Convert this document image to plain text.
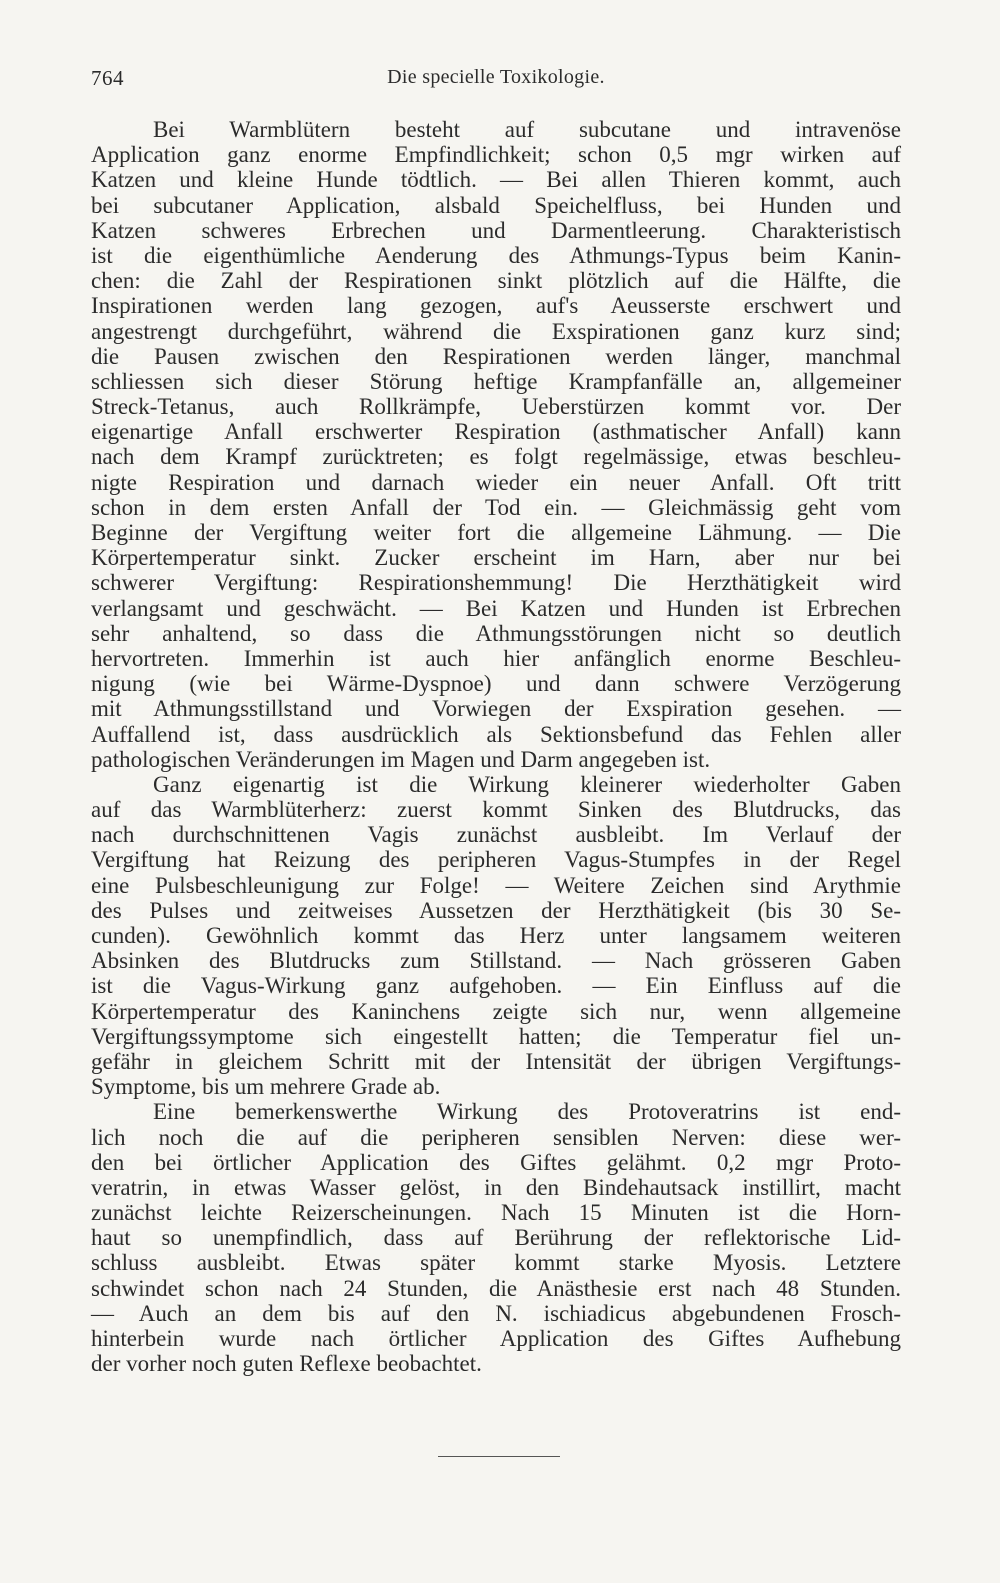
764	Die specielle Toxikologie.
Bei Warmblütern besteht auf subcutane und intravenöse
Application ganz enorme Empfindlichkeit; schon 0,5 mgr wirken auf
Katzen und kleine Hunde tödtlich. — Bei allen Thieren kommt, auch
bei subcutaner Application, alsbald Speichelfluss, bei Hunden und
Katzen schweres Erbrechen und Darmentleerung. Charakteristisch
ist die eigenthümliche Aenderung des Athmungs-Typus beim Kanin-
chen: die Zahl der Respirationen sinkt plötzlich auf die Hälfte, die
Inspirationen werden lang gezogen, auf's Aeusserste erschwert und
angestrengt durchgeführt, während die Exspirationen ganz kurz sind;
die Pausen zwischen den Respirationen werden länger, manchmal
schliessen sich dieser Störung heftige Krampfanfälle an, allgemeiner
Streck-Tetanus, auch Rollkrämpfe, Ueberstürzen kommt vor. Der
eigenartige Anfall erschwerter Respiration (asthmatischer Anfall) kann
nach dem Krampf zurücktreten; es folgt regelmässige, etwas beschleu-
nigte Respiration und darnach wieder ein neuer Anfall. Oft tritt
schon in dem ersten Anfall der Tod ein. — Gleichmässig geht vom
Beginne der Vergiftung weiter fort die allgemeine Lähmung. — Die
Körpertemperatur sinkt. Zucker erscheint im Harn, aber nur bei
schwerer Vergiftung: Respirationshemmung! Die Herzthätigkeit wird
verlangsamt und geschwächt. — Bei Katzen und Hunden ist Erbrechen
sehr anhaltend, so dass die Athmungsstörungen nicht so deutlich
hervortreten. Immerhin ist auch hier anfänglich enorme Beschleu-
nigung (wie bei Wärme-Dyspnoe) und dann schwere Verzögerung
mit Athmungsstillstand und Vorwiegen der Exspiration gesehen. —
Auffallend ist, dass ausdrücklich als Sektionsbefund das Fehlen aller
pathologischen Veränderungen im Magen und Darm angegeben ist.
Ganz eigenartig ist die Wirkung kleinerer wiederholter Gaben
auf das Warmblüterherz: zuerst kommt Sinken des Blutdrucks, das
nach durchschnittenen Vagis zunächst ausbleibt. Im Verlauf der
Vergiftung hat Reizung des peripheren Vagus-Stumpfes in der Regel
eine Pulsbeschleunigung zur Folge! — Weitere Zeichen sind Arythmie
des Pulses und zeitweises Aussetzen der Herzthätigkeit (bis 30 Se-
cunden). Gewöhnlich kommt das Herz unter langsamem weiteren
Absinken des Blutdrucks zum Stillstand. — Nach grösseren Gaben
ist die Vagus-Wirkung ganz aufgehoben. — Ein Einfluss auf die
Körpertemperatur des Kaninchens zeigte sich nur, wenn allgemeine
Vergiftungssymptome sich eingestellt hatten; die Temperatur fiel un-
gefähr in gleichem Schritt mit der Intensität der übrigen Vergiftungs-
Symptome, bis um mehrere Grade ab.
Eine bemerkenswerthe Wirkung des Protoveratrins ist end-
lich noch die auf die peripheren sensiblen Nerven: diese wer-
den bei örtlicher Application des Giftes gelähmt. 0,2 mgr Proto-
veratrin, in etwas Wasser gelöst, in den Bindehautsack instillirt, macht
zunächst leichte Reizerscheinungen. Nach 15 Minuten ist die Horn-
haut so unempfindlich, dass auf Berührung der reflektorische Lid-
schluss ausbleibt. Etwas später kommt starke Myosis. Letztere
schwindet schon nach 24 Stunden, die Anästhesie erst nach 48 Stunden.
— Auch an dem bis auf den N. ischiadicus abgebundenen Frosch-
hinterbein wurde nach örtlicher Application des Giftes Aufhebung
der vorher noch guten Reflexe beobachtet.
